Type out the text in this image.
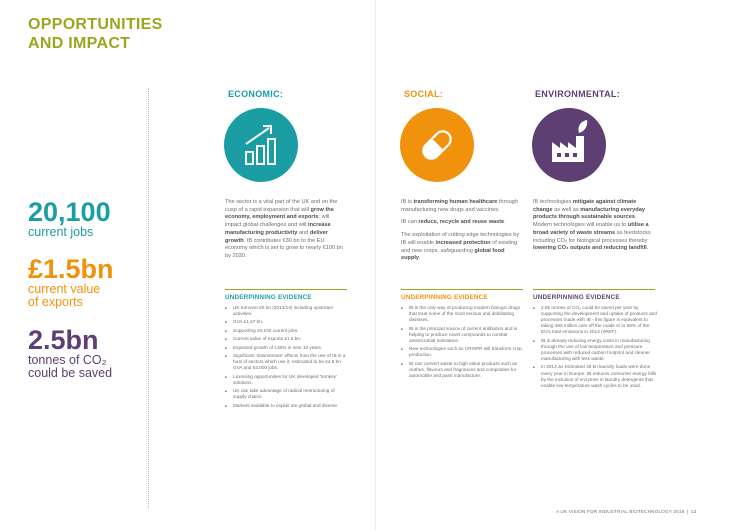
OPPORTUNITIES
AND IMPACT
20,100
current jobs
£1.5bn
current value
of exports
2.5bn
tonnes of CO₂
could be saved
ECONOMIC:

The sector is a vital part of the UK and on the cusp of a rapid expansion that will grow the economy, employment and exports; will impact global challenges and will increase manufacturing productivity and deliver growth. IB contributes €30 bn to the EU economy which is set to grow to nearly €100 bn by 2030.

UNDERPINNING EVIDENCE
■ UK turnover £5 bn (2013/14) including upstream activities.
■ GVA £1,57 bn.
■ Supporting 20,100 current jobs.
■ Current value of exports £1.5 bn.
■ Expected growth of 130% in next 10 years.
■ Significant 'downstream' effects from the use of IB in a host of sectors which use it, estimated to be £4.5 bn GVA and 63,000 jobs.
■ Licensing opportunities for UK developed 'turnkey' solutions.
■ UK can take advantage of radical restructuring of supply chains.
■ Markets available to exploit are global and diverse.
SOCIAL:

IB is transforming human healthcare through manufacturing new drugs and vaccines.

IB can reduce, recycle and reuse waste.

The exploitation of cutting edge technologies by IB will enable increased protection of existing and new crops, safeguarding global food supply.

UNDERPINNING EVIDENCE
■ IB is the only way of producing modern biologic drugs that treat some of the most serious and debilitating diseases.
■ IB is the principal source of current antibiotics and is helping to produce novel compounds to combat antimicrobial resistance.
■ New technologies such as CRISPR will transform crop production.
■ IB can convert waste to high value products such as clothes, flavours and fragrances and composites for automobile and paint manufacture.
ENVIRONMENTAL:

IB technologies mitigate against climate change as well as manufacturing everyday products through sustainable sources. Modern technologies will enable us to utilise a broad variety of waste streams as feedstocks including CO₂ for biological processes thereby lowering CO₂ outputs and reducing landfill.

UNDERPINNING EVIDENCE
■ 2.5b tonnes of CO₂ could be saved per year by supporting the development and uptake of products and processes made with IB - this figure is equivalent to taking 490 million cars off the roads or to 68% of the EU's total emissions in 2013 (WWF).
■ IB is already reducing energy costs in manufacturing through the use of low temperature and pressure processes with reduced carbon footprint and cleaner manufacturing with less waste.
■ In 2013 an estimated 36 bn laundry loads were done every year in Europe. IB reduces consumer energy bills by the inclusion of enzymes in laundry detergents that enable low temperature wash cycles to be used.
A UK VISION FOR INDUSTRIAL BIOTECHNOLOGY 2016 | 13
